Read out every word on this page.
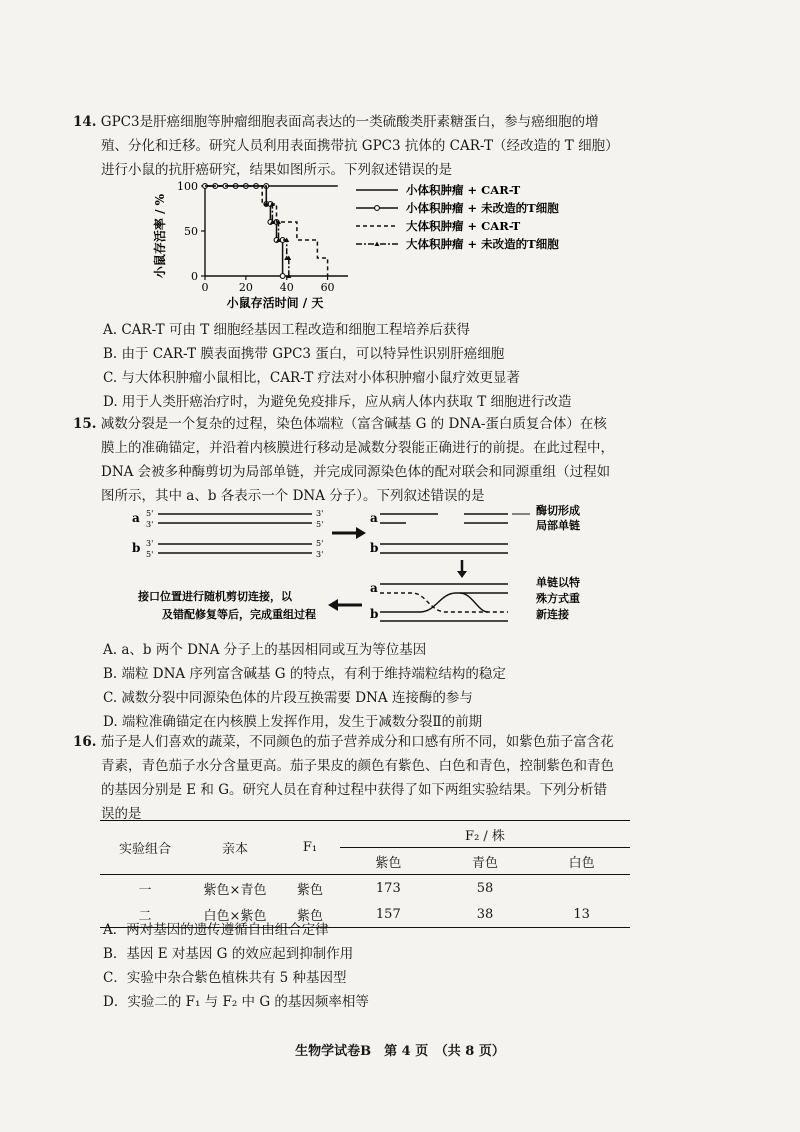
14. GPC3是肝癌细胞等肿瘤细胞表面高表达的一类硫酸类肝素糖蛋白，参与癌细胞的增
殖、分化和迁移。研究人员利用表面携带抗 GPC3 抗体的 CAR-T（经改造的 T 细胞）
进行小鼠的抗肝癌研究，结果如图所示。下列叙述错误的是
小鼠存活率 / % 0
50
100
0	20 40 60
小鼠存活时间 / 天
小体积肿瘤 + CAR-T
小体积肿瘤 + 未改造的T细胞
大体积肿瘤 + CAR-T
大体积肿瘤 + 未改造的T细胞
A. CAR-T 可由 T 细胞经基因工程改造和细胞工程培养后获得
B. 由于 CAR-T 膜表面携带 GPC3 蛋白，可以特异性识别肝癌细胞
C. 与大体积肿瘤小鼠相比，CAR-T 疗法对小体积肿瘤小鼠疗效更显著
D. 用于人类肝癌治疗时，为避免免疫排斥，应从病人体内获取 T 细胞进行改造
15. 减数分裂是一个复杂的过程，染色体端粒（富含碱基 G 的 DNA-蛋白质复合体）在核
膜上的准确锚定，并沿着内核膜进行移动是减数分裂能正确进行的前提。在此过程中，
DNA 会被多种酶剪切为局部单链，并完成同源染色体的配对联会和同源重组（过程如
图所示，其中 a、b 各表示一个 DNA 分子）。下列叙述错误的是
a 5'
3'
3'
5'
b 3'
5'
5'
3'
a
酶切形成
局部单链
b
a
b
单链以特
殊方式重
新连接
接口位置进行随机剪切连接，以
及错配修复等后，完成重组过程
A. a、b 两个 DNA 分子上的基因相同或互为等位基因
B. 端粒 DNA 序列富含碱基 G 的特点，有利于维持端粒结构的稳定
C. 减数分裂中同源染色体的片段互换需要 DNA 连接酶的参与
D. 端粒准确锚定在内核膜上发挥作用，发生于减数分裂Ⅱ的前期
16. 茄子是人们喜欢的蔬菜，不同颜色的茄子营养成分和口感有所不同，如紫色茄子富含花
青素，青色茄子水分含量更高。茄子果皮的颜色有紫色、白色和青色，控制紫色和青色
的基因分别是 E 和 G。研究人员在育种过程中获得了如下两组实验结果。下列分析错
误的是
实验组合	亲本	F₁	F₂ / 株		
			紫色	青色	白色
一	紫色×青色	紫色	173	58	
二	白色×紫色	紫色	157	38	13
A．两对基因的遗传遵循自由组合定律
B．基因 E 对基因 G 的效应起到抑制作用
C．实验中杂合紫色植株共有 5 种基因型
D．实验二的 F₁ 与 F₂ 中 G 的基因频率相等
生物学试卷B　第 4 页　（共 8 页）
